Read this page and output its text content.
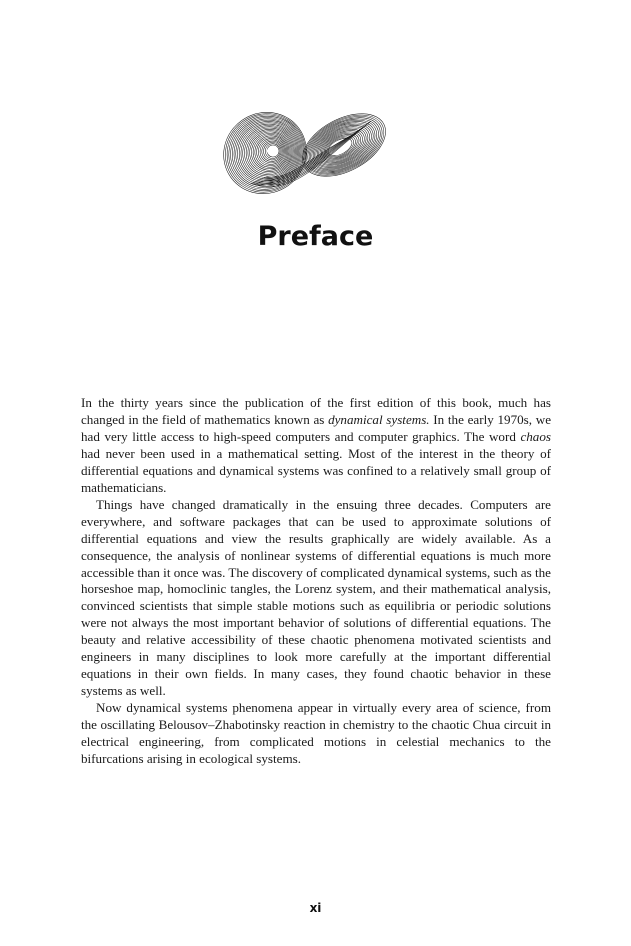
Preface

In the thirty years since the publication of the first edition of this book, much has changed in the field of mathematics known as dynamical systems. In the early 1970s, we had very little access to high-speed computers and computer graphics. The word chaos had never been used in a mathematical setting. Most of the interest in the theory of differential equations and dynamical systems was confined to a relatively small group of mathematicians.

Things have changed dramatically in the ensuing three decades. Computers are everywhere, and software packages that can be used to approximate solutions of differential equations and view the results graphically are widely available. As a consequence, the analysis of nonlinear systems of differential equations is much more accessible than it once was. The discovery of complicated dynamical systems, such as the horseshoe map, homoclinic tangles, the Lorenz system, and their mathematical analysis, convinced scientists that simple stable motions such as equilibria or periodic solutions were not always the most important behavior of solutions of differential equations. The beauty and relative accessibility of these chaotic phenomena motivated scientists and engineers in many disciplines to look more carefully at the important differential equations in their own fields. In many cases, they found chaotic behavior in these systems as well.

Now dynamical systems phenomena appear in virtually every area of science, from the oscillating Belousov–Zhabotinsky reaction in chemistry to the chaotic Chua circuit in electrical engineering, from complicated motions in celestial mechanics to the bifurcations arising in ecological systems.

xi
